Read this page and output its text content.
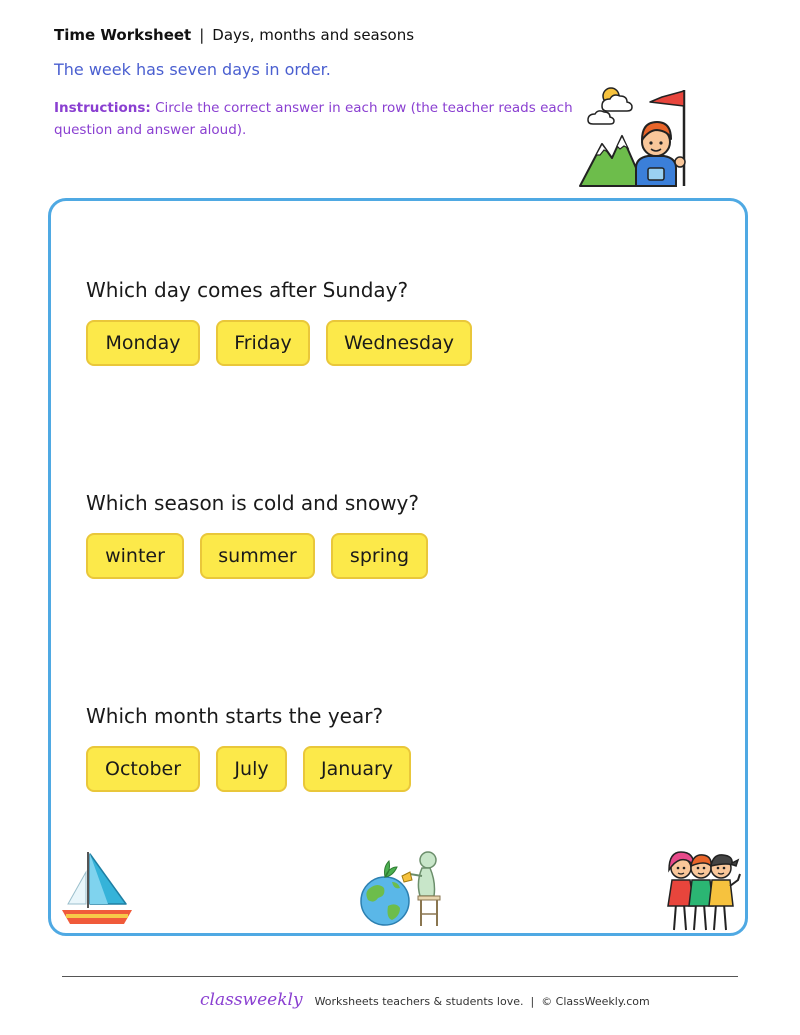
Time Worksheet | Days, months and seasons
The week has seven days in order.
Instructions: Circle the correct answer in each row (the teacher reads each question and answer aloud).
Which day comes after Sunday?
Monday	Friday	Wednesday
Which season is cold and snowy?
winter	summer	spring
Which month starts the year?
October	July	January
classweekly Worksheets teachers & students love. | © ClassWeekly.com
